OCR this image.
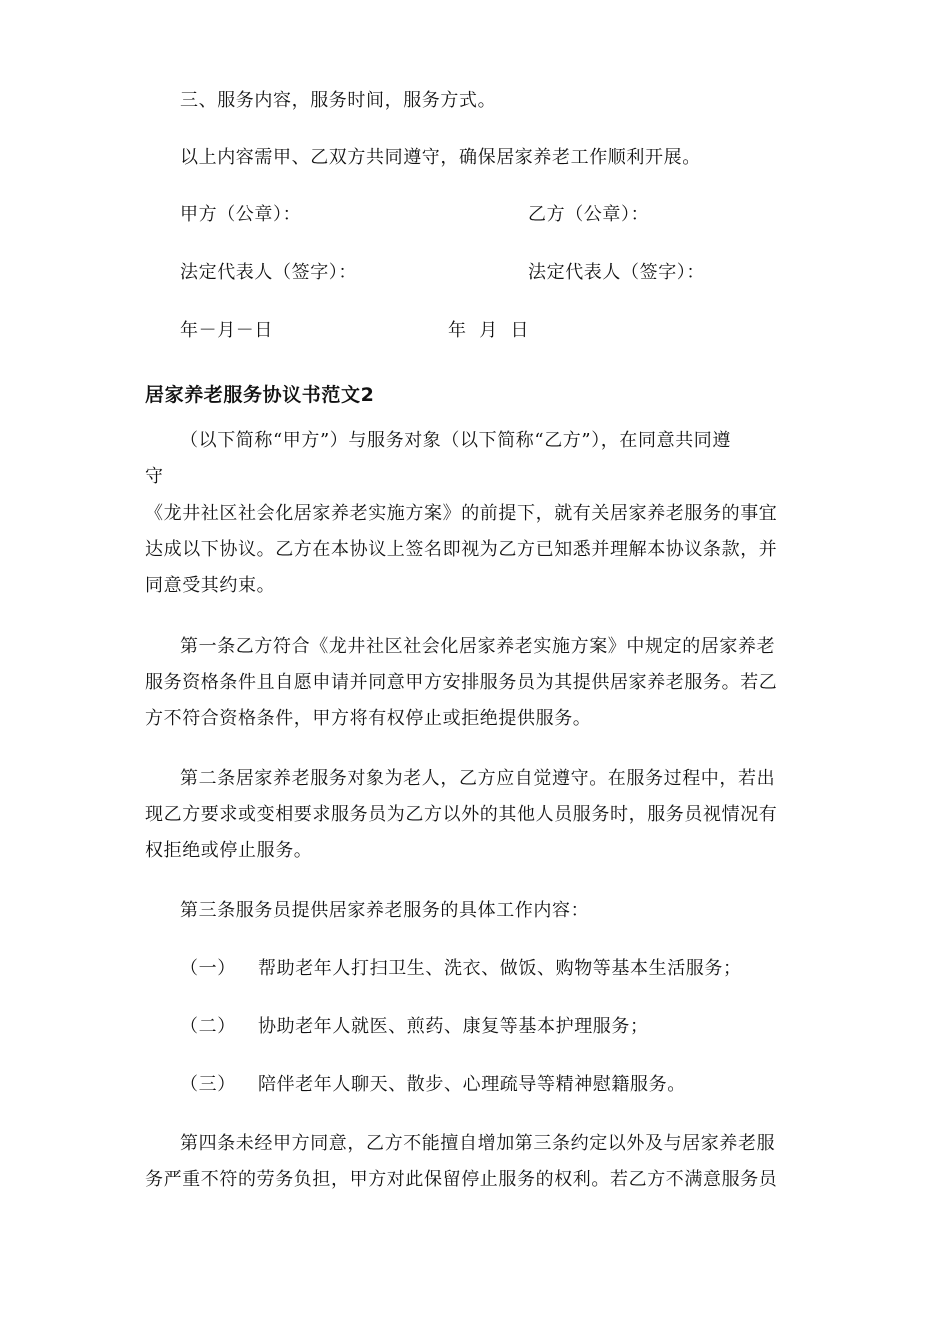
三、服务内容，服务时间，服务方式。
以上内容需甲、乙双方共同遵守，确保居家养老工作顺利开展。
甲方（公章）：	乙方（公章）：
法定代表人（签字）：	法定代表人（签字）：
年－月－日	年  月  日
居家养老服务协议书范文2
（以下简称“甲方”）与服务对象（以下简称“乙方”），在同意共同遵
守
《龙井社区社会化居家养老实施方案》的前提下，就有关居家养老服务的事宜
达成以下协议。乙方在本协议上签名即视为乙方已知悉并理解本协议条款，并
同意受其约束。
第一条乙方符合《龙井社区社会化居家养老实施方案》中规定的居家养老
服务资格条件且自愿申请并同意甲方安排服务员为其提供居家养老服务。若乙
方不符合资格条件，甲方将有权停止或拒绝提供服务。
第二条居家养老服务对象为老人，乙方应自觉遵守。在服务过程中，若出
现乙方要求或变相要求服务员为乙方以外的其他人员服务时，服务员视情况有
权拒绝或停止服务。
第三条服务员提供居家养老服务的具体工作内容：
（一） 帮助老年人打扫卫生、洗衣、做饭、购物等基本生活服务；
（二） 协助老年人就医、煎药、康复等基本护理服务；
（三） 陪伴老年人聊天、散步、心理疏导等精神慰籍服务。
第四条未经甲方同意，乙方不能擅自增加第三条约定以外及与居家养老服
务严重不符的劳务负担，甲方对此保留停止服务的权利。若乙方不满意服务员
